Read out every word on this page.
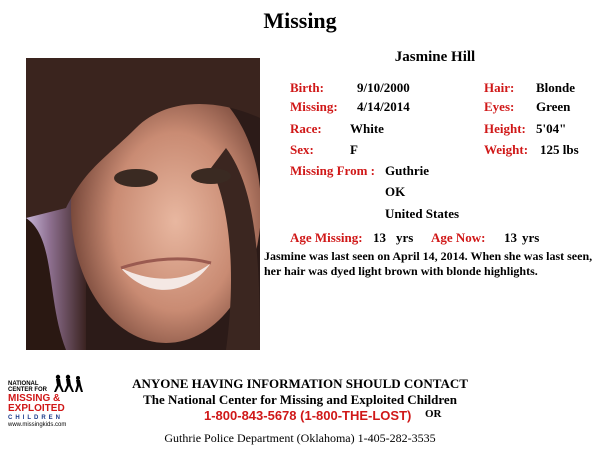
Missing
Jasmine Hill
Birth:	9/10/2000
Missing: 4/14/2014
Race: White
Sex:	F
Hair: Blonde
Eyes: Green
Height: 5'04"
Weight: 125 lbs
Missing From : Guthrie
OK
United States
Age Missing: 13 yrs Age Now: 13 yrs
Jasmine was last seen on April 14, 2014. When she was last seen, her hair was dyed light brown with blonde highlights.
NATIONAL
CENTER FOR
MISSING &
EXPLOITED
CHILDREN
www.missingkids.com
ANYONE HAVING INFORMATION SHOULD CONTACT
The National Center for Missing and Exploited Children
1-800-843-5678 (1-800-THE-LOST) OR
Guthrie Police Department (Oklahoma) 1-405-282-3535
